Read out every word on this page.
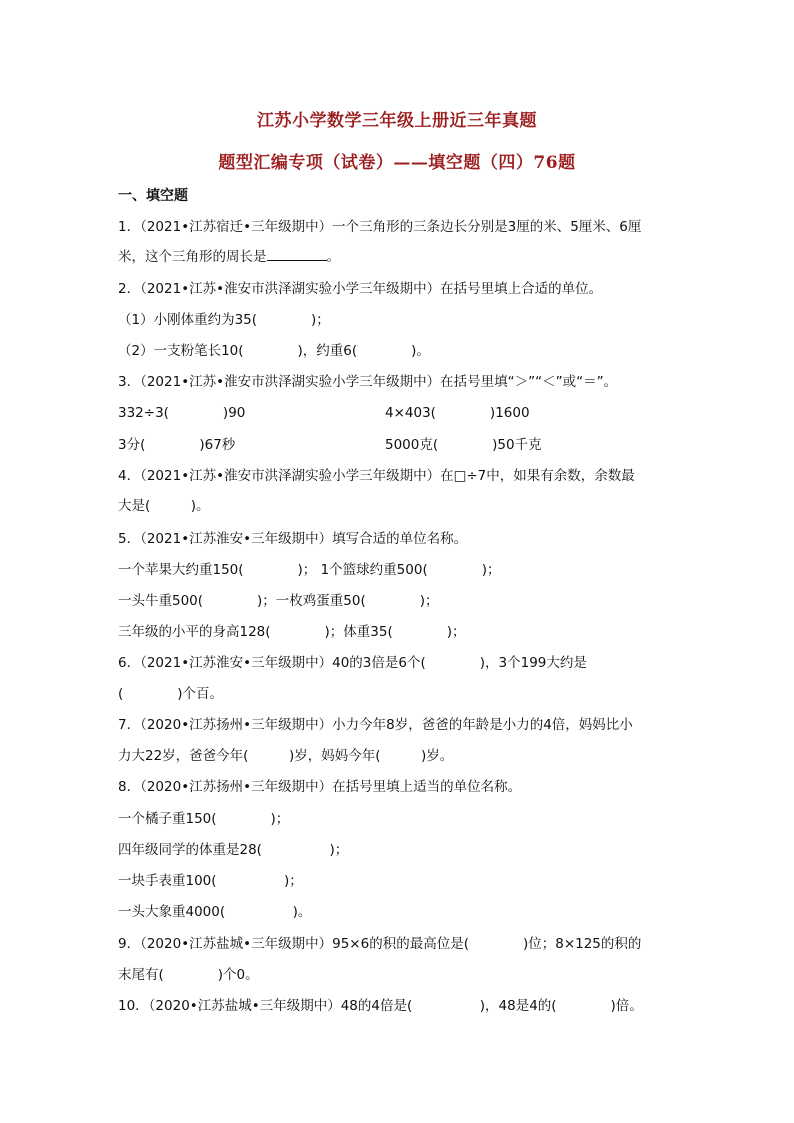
江苏小学数学三年级上册近三年真题
题型汇编专项（试卷）——填空题（四）76题
一、填空题
1．（2021•江苏宿迁•三年级期中）一个三角形的三条边长分别是3厘的米、5厘米、6厘
米，这个三角形的周长是	。
2．（2021•江苏•淮安市洪泽湖实验小学三年级期中）在括号里填上合适的单位。
（1）小刚体重约为35(　　　　)；
（2）一支粉笔长10(　　　　)，约重6(　　　　)。
3．（2021•江苏•淮安市洪泽湖实验小学三年级期中）在括号里填“＞”“＜”或“＝”。
332÷3(　　　　)90	4×403(　　　　)1600
3分(　　　　)67秒	5000克(　　　　)50千克
4．（2021•江苏•淮安市洪泽湖实验小学三年级期中）在□÷7中，如果有余数，余数最
大是(　　　)。
5．（2021•江苏淮安•三年级期中）填写合适的单位名称。
一个苹果大约重150(　　　　)； 1个篮球约重500(　　　　)；
一头牛重500(　　　　)；一枚鸡蛋重50(　　　　)；
三年级的小平的身高128(　　　　)；体重35(　　　　)；
6．（2021•江苏淮安•三年级期中）40的3倍是6个(　　　　)，3个199大约是
(　　　　)个百。
7．（2020•江苏扬州•三年级期中）小力今年8岁，爸爸的年龄是小力的4倍，妈妈比小
力大22岁，爸爸今年(　　　)岁，妈妈今年(　　　)岁。
8．（2020•江苏扬州•三年级期中）在括号里填上适当的单位名称。
一个橘子重150(　　　　)；
四年级同学的体重是28(　　　　　)；
一块手表重100(　　　　　)；
一头大象重4000(　　　　　)。
9．（2020•江苏盐城•三年级期中）95×6的积的最高位是(　　　　)位；8×125的积的
末尾有(　　　　)个0。
10．（2020•江苏盐城•三年级期中）48的4倍是(　　　　　)，48是4的(　　　　)倍。
